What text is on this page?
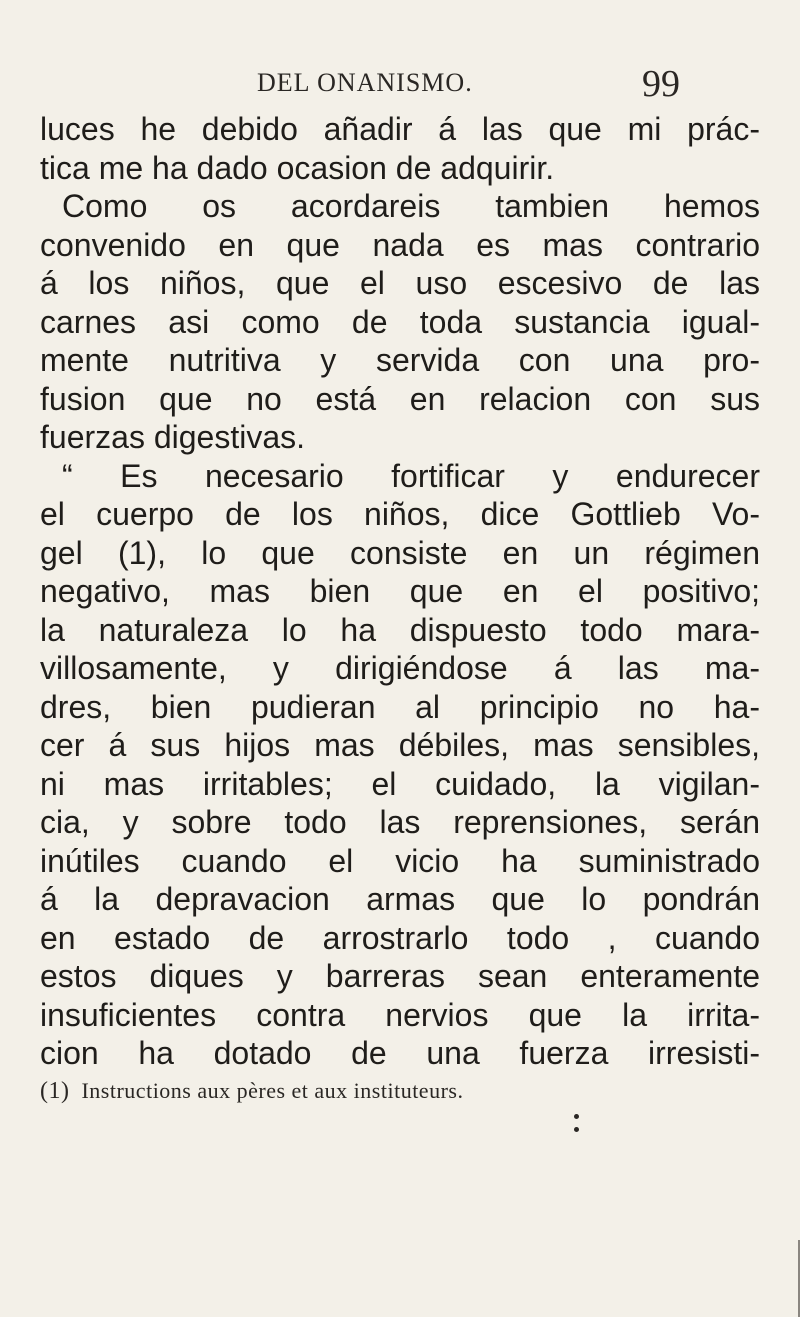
DEL ONANISMO.	99
luces he debido añadir á las que mi prác-
tica me ha dado ocasion de adquirir.
Como os acordareis tambien hemos
convenido en que nada es mas contrario
á los niños, que el uso escesivo de las
carnes asi como de toda sustancia igual-
mente nutritiva y servida con una pro-
fusion que no está en relacion con sus
fuerzas digestivas.
“ Es necesario fortificar y endurecer
el cuerpo de los niños, dice Gottlieb Vo-
gel (1), lo que consiste en un régimen
negativo, mas bien que en el positivo;
la naturaleza lo ha dispuesto todo mara-
villosamente, y dirigiéndose á las ma-
dres, bien pudieran al principio no ha-
cer á sus hijos mas débiles, mas sensibles,
ni mas irritables; el cuidado, la vigilan-
cia, y sobre todo las reprensiones, serán
inútiles cuando el vicio ha suministrado
á la depravacion armas que lo pondrán
en estado de arrostrarlo todo , cuando
estos diques y barreras sean enteramente
insuficientes contra nervios que la irrita-
cion ha dotado de una fuerza irresisti-
(1) Instructions aux pères et aux instituteurs.
